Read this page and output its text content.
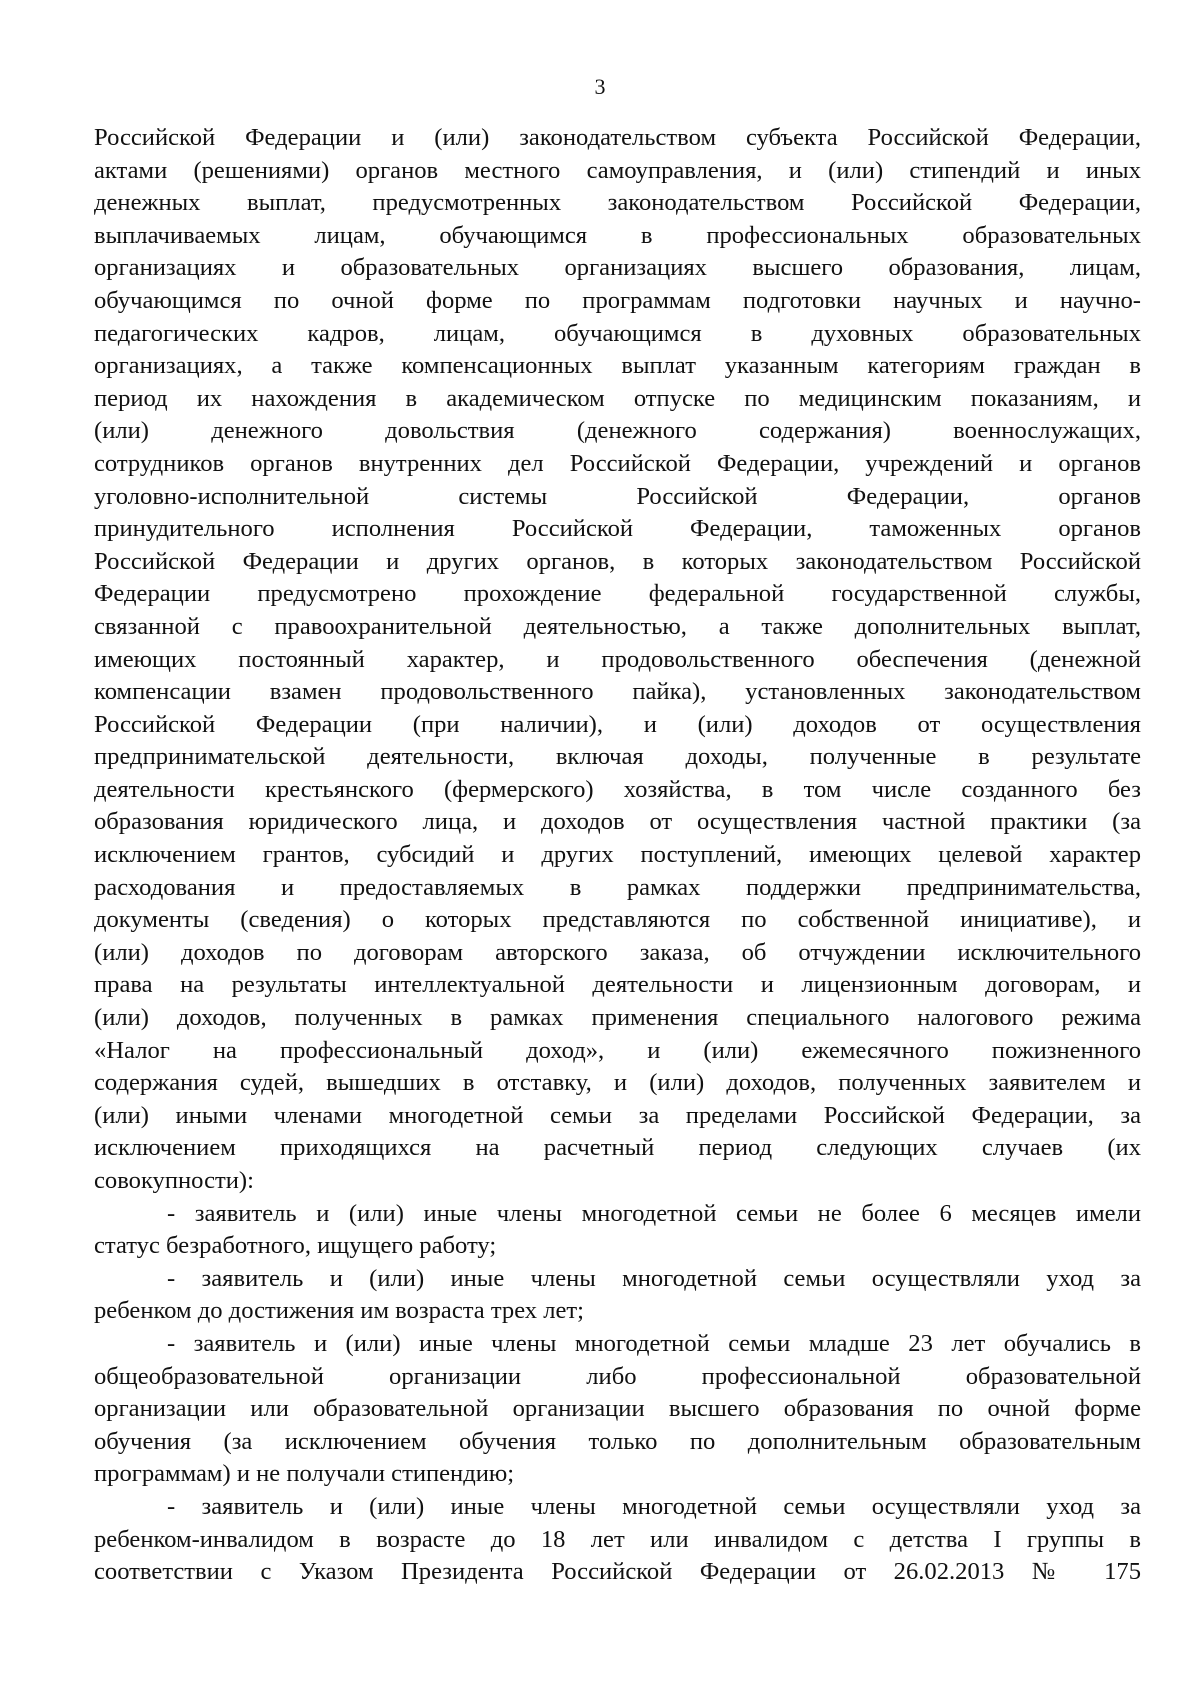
3

Российской Федерации и (или) законодательством субъекта Российской Федерации,

актами (решениями) органов местного самоуправления, и (или) стипендий и иных

денежных выплат, предусмотренных законодательством Российской Федерации,

выплачиваемых лицам, обучающимся в профессиональных образовательных

организациях и образовательных организациях высшего образования, лицам,

обучающимся по очной форме по программам подготовки научных и научно-

педагогических кадров, лицам, обучающимся в духовных образовательных

организациях, а также компенсационных выплат указанным категориям граждан в

период их нахождения в академическом отпуске по медицинским показаниям, и

(или) денежного довольствия (денежного содержания) военнослужащих,

сотрудников органов внутренних дел Российской Федерации, учреждений и органов

уголовно-исполнительной системы Российской Федерации, органов

принудительного исполнения Российской Федерации, таможенных органов

Российской Федерации и других органов, в которых законодательством Российской

Федерации предусмотрено прохождение федеральной государственной службы,

связанной с правоохранительной деятельностью, а также дополнительных выплат,

имеющих постоянный характер, и продовольственного обеспечения (денежной

компенсации взамен продовольственного пайка), установленных законодательством

Российской Федерации (при наличии), и (или) доходов от осуществления

предпринимательской деятельности, включая доходы, полученные в результате

деятельности крестьянского (фермерского) хозяйства, в том числе созданного без

образования юридического лица, и доходов от осуществления частной практики (за

исключением грантов, субсидий и других поступлений, имеющих целевой характер

расходования и предоставляемых в рамках поддержки предпринимательства,

документы (сведения) о которых представляются по собственной инициативе), и

(или) доходов по договорам авторского заказа, об отчуждении исключительного

права на результаты интеллектуальной деятельности и лицензионным договорам, и

(или) доходов, полученных в рамках применения специального налогового режима

«Налог на профессиональный доход», и (или) ежемесячного пожизненного

содержания судей, вышедших в отставку, и (или) доходов, полученных заявителем и

(или) иными членами многодетной семьи за пределами Российской Федерации, за

исключением приходящихся на расчетный период следующих случаев (их

совокупности):

- заявитель и (или) иные члены многодетной семьи не более 6 месяцев имели

статус безработного, ищущего работу;

- заявитель и (или) иные члены многодетной семьи осуществляли уход за

ребенком до достижения им возраста трех лет;

- заявитель и (или) иные члены многодетной семьи младше 23 лет обучались в

общеобразовательной организации либо профессиональной образовательной

организации или образовательной организации высшего образования по очной форме

обучения (за исключением обучения только по дополнительным образовательным

программам) и не получали стипендию;

- заявитель и (или) иные члены многодетной семьи осуществляли уход за

ребенком-инвалидом в возрасте до 18 лет или инвалидом с детства I группы в

соответствии с Указом Президента Российской Федерации от 26.02.2013 № 175
